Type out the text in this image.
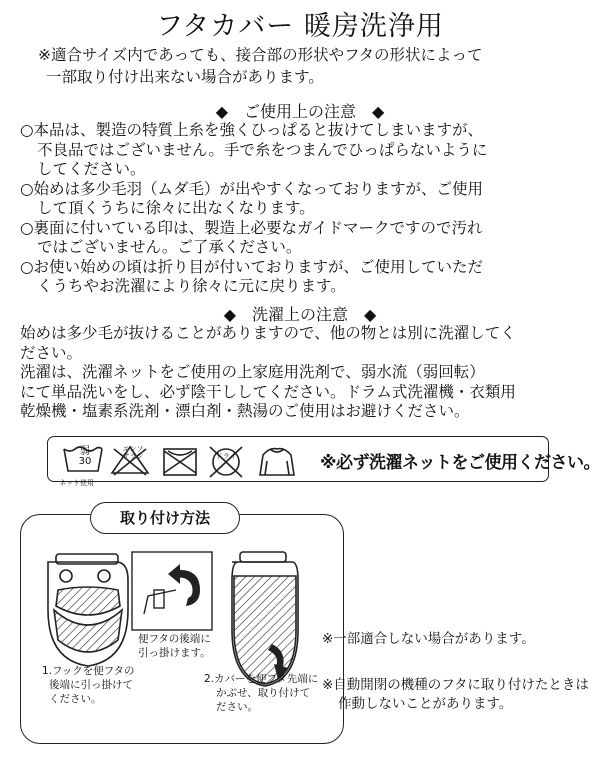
フタカバー 暖房洗浄用
※適合サイズ内であっても、接合部の形状やフタの形状によって
一部取り付け出来ない場合があります。
◆　ご使用上の注意　◆
○本品は、製造の特質上糸を強くひっぱると抜けてしまいますが、
不良品ではございません。手で糸をつまんでひっぱらないように
してください。
○始めは多少毛羽（ムダ毛）が出やすくなっておりますが、ご使用
して頂くうちに徐々に出なくなります。
○裏面に付いている印は、製造上必要なガイドマークですので汚れ
ではございません。ご了承ください。
○お使い始めの頃は折り目が付いておりますが、ご使用していただ
くうちやお洗濯により徐々に元に戻ります。
◆　洗濯上の注意　◆
始めは多少毛が抜けることがありますので、他の物とは別に洗濯してく
ださい。
洗濯は、洗濯ネットをご使用の上家庭用洗剤で、弱水流（弱回転）
にて単品洗いをし、必ず陰干ししてください。ドラム式洗濯機・衣類用
乾燥機・塩素系洗剤・漂白剤・熱湯のご使用はお避けください。
弱
30
ネット使用
エンソ
サラシ	ドライ	※必ず洗濯ネットをご使用ください。
取り付け方法
1.フックを便フタの
後端に引っ掛けて
ください。
便フタの後端に
引っ掛けます。
2.カバーを便フタ先端に
かぶせ、取り付けて
ださい。
※一部適合しない場合があります。
※自動開閉の機種のフタに取り付けたときは
作動しないことがあります。
